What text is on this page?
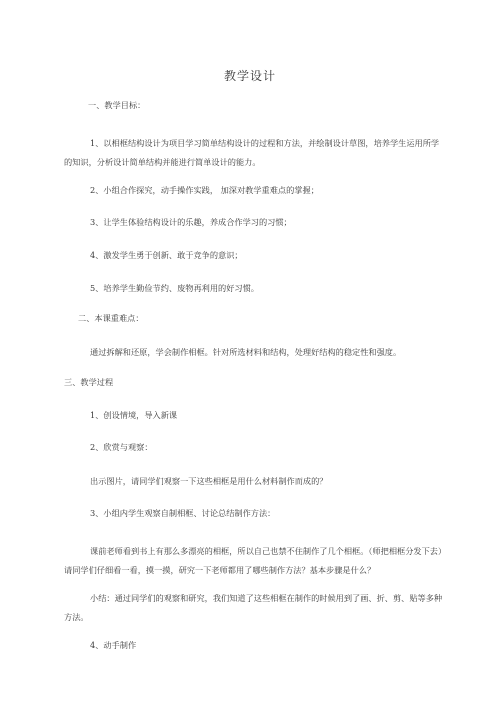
教学设计
一、教学目标：
1、以相框结构设计为项目学习简单结构设计的过程和方法，并绘制设计草图，培养学生运用所学的知识，分析设计简单结构并能进行简单设计的能力。
2、小组合作探究，动手操作实践， 加深对教学重难点的掌握；
3、让学生体验结构设计的乐趣，养成合作学习的习惯；
4、激发学生勇于创新、敢于竞争的意识；
5、培养学生勤俭节约、废物再利用的好习惯。
二、本课重难点：
通过拆解和还原，学会制作相框。针对所选材料和结构，处理好结构的稳定性和强度。
三、教学过程
1、创设情境，导入新课
2、欣赏与观察：
出示图片，请同学们观察一下这些相框是用什么材料制作而成的？
3、小组内学生观察自制相框、讨论总结制作方法：
课前老师看到书上有那么多漂亮的相框，所以自己也禁不住制作了几个相框。（师把相框分发下去）请同学们仔细看一看，摸一摸，研究一下老师都用了哪些制作方法？基本步骤是什么？
小结：通过同学们的观察和研究，我们知道了这些相框在制作的时候用到了画、折、剪、贴等多种方法。
4、动手制作
